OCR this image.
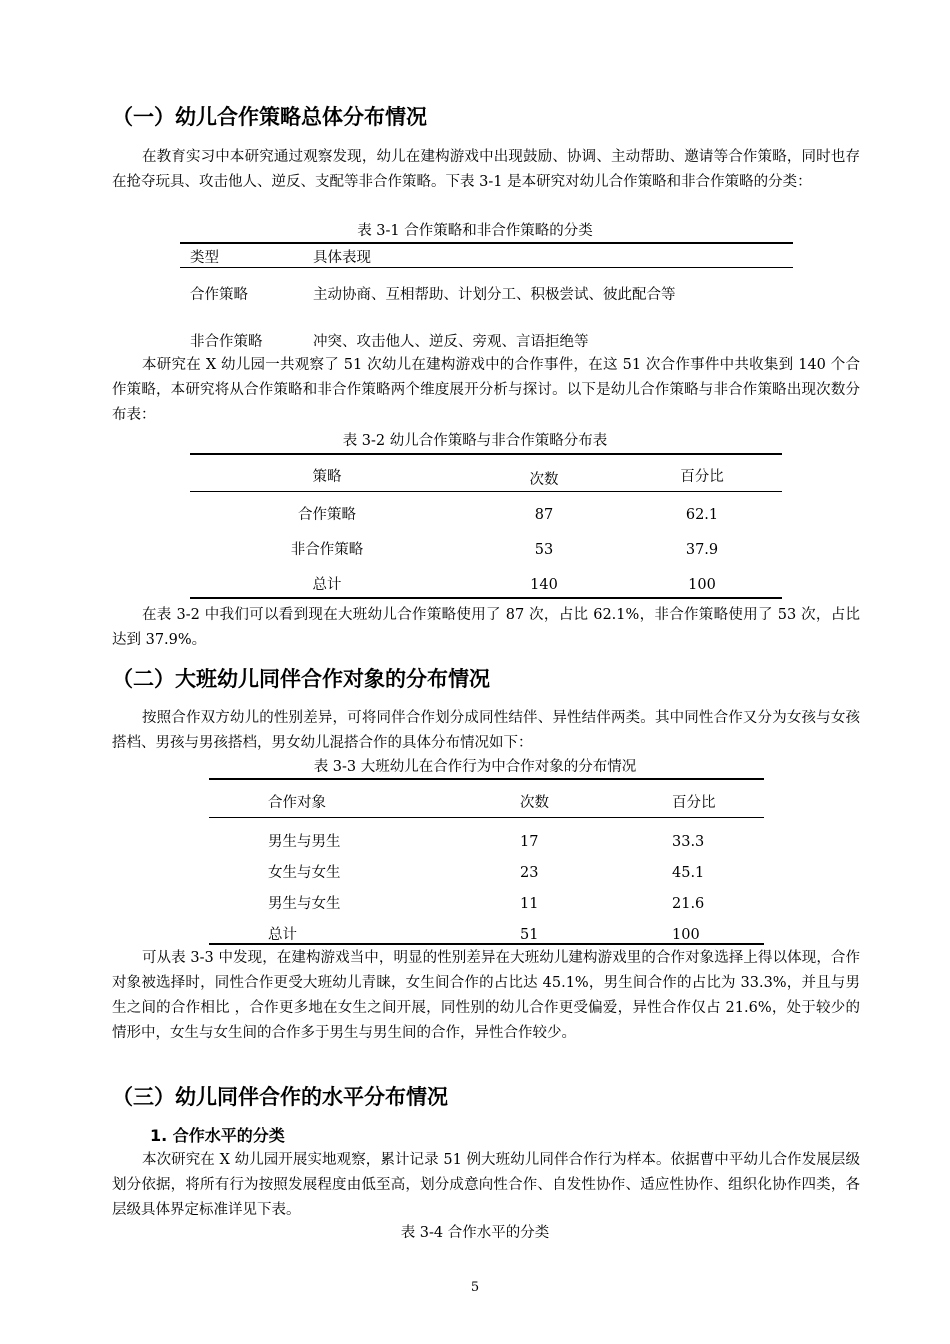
（一）幼儿合作策略总体分布情况

在教育实习中本研究通过观察发现，幼儿在建构游戏中出现鼓励、协调、主动帮助、邀请等合作策略，同时也存在抢夺玩具、攻击他人、逆反、支配等非合作策略。下表 3-1 是本研究对幼儿合作策略和非合作策略的分类：

表 3-1 合作策略和非合作策略的分类
类型	具体表现
合作策略	主动协商、互相帮助、计划分工、积极尝试、彼此配合等
非合作策略	冲突、攻击他人、逆反、旁观、言语拒绝等

本研究在 X 幼儿园一共观察了 51 次幼儿在建构游戏中的合作事件，在这 51 次合作事件中共收集到 140 个合作策略，本研究将从合作策略和非合作策略两个维度展开分析与探讨。以下是幼儿合作策略与非合作策略出现次数分布表：

表 3-2 幼儿合作策略与非合作策略分布表
策略	次数	百分比
合作策略	87	62.1
非合作策略	53	37.9
总计	140	100

在表 3-2 中我们可以看到现在大班幼儿合作策略使用了 87 次，占比 62.1%，非合作策略使用了 53 次，占比达到 37.9%。

（二）大班幼儿同伴合作对象的分布情况

按照合作双方幼儿的性别差异，可将同伴合作划分成同性结伴、异性结伴两类。其中同性合作又分为女孩与女孩搭档、男孩与男孩搭档，男女幼儿混搭合作的具体分布情况如下：

表 3-3 大班幼儿在合作行为中合作对象的分布情况
合作对象	次数	百分比
男生与男生	17	33.3
女生与女生	23	45.1
男生与女生	11	21.6
总计	51	100

可从表 3-3 中发现，在建构游戏当中，明显的性别差异在大班幼儿建构游戏里的合作对象选择上得以体现，合作对象被选择时，同性合作更受大班幼儿青睐，女生间合作的占比达 45.1%，男生间合作的占比为 33.3%，并且与男生之间的合作相比 ，合作更多地在女生之间开展，同性别的幼儿合作更受偏爱，异性合作仅占 21.6%，处于较少的情形中，女生与女生间的合作多于男生与男生间的合作，异性合作较少。

（三）幼儿同伴合作的水平分布情况
1. 合作水平的分类

本次研究在 X 幼儿园开展实地观察，累计记录 51 例大班幼儿同伴合作行为样本。依据曹中平幼儿合作发展层级划分依据，将所有行为按照发展程度由低至高，划分成意向性合作、自发性协作、适应性协作、组织化协作四类，各层级具体界定标准详见下表。

表 3-4 合作水平的分类
5
